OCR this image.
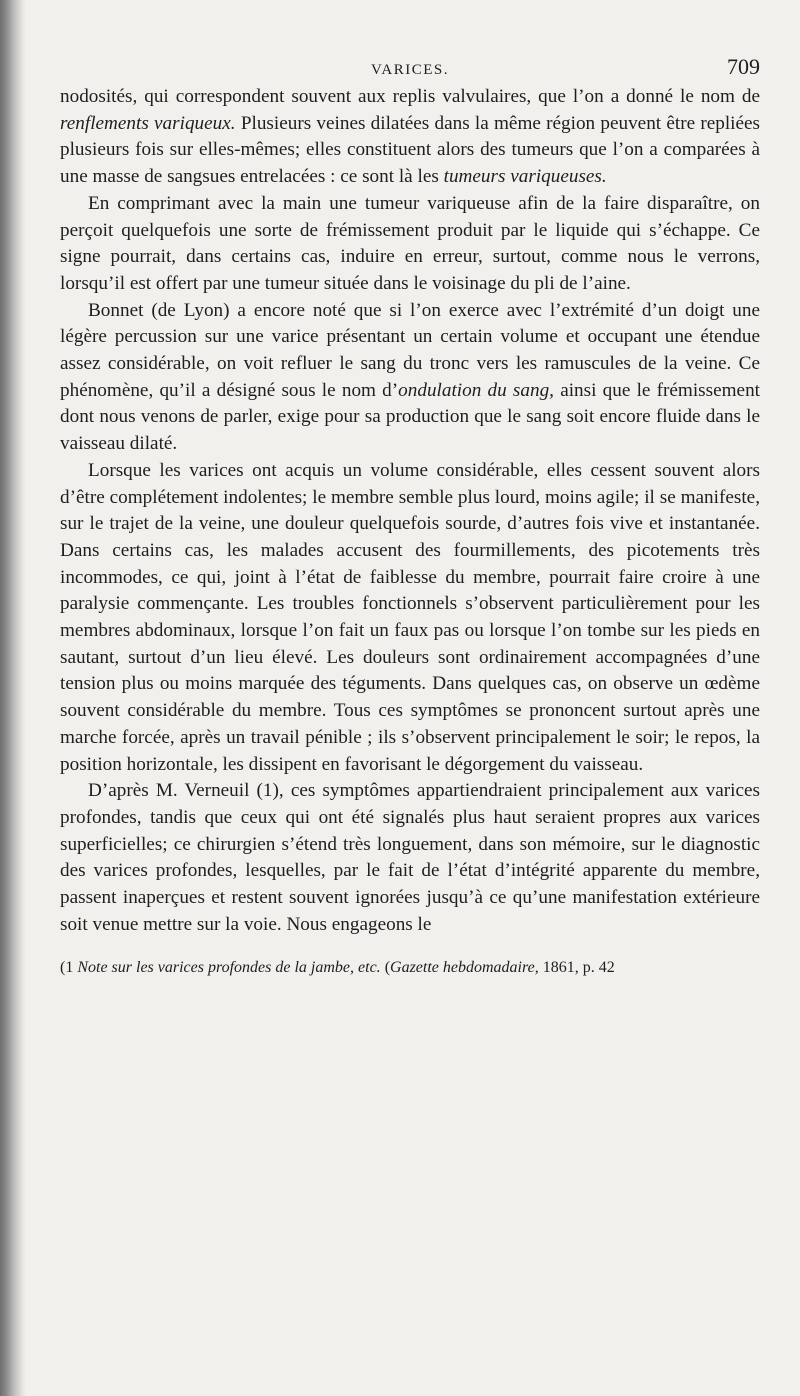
VARICES.	709

nodosités, qui correspondent souvent aux replis valvulaires, que l’on a donné le nom de renflements variqueux. Plusieurs veines dilatées dans la même région peuvent être repliées plusieurs fois sur elles-mêmes; elles constituent alors des tumeurs que l’on a comparées à une masse de sangsues entrelacées : ce sont là les tumeurs variqueuses.

En comprimant avec la main une tumeur variqueuse afin de la faire disparaître, on perçoit quelquefois une sorte de frémissement produit par le liquide qui s’échappe. Ce signe pourrait, dans certains cas, induire en erreur, surtout, comme nous le verrons, lorsqu’il est offert par une tumeur située dans le voisinage du pli de l’aine.

Bonnet (de Lyon) a encore noté que si l’on exerce avec l’extrémité d’un doigt une légère percussion sur une varice présentant un certain volume et occupant une étendue assez considérable, on voit refluer le sang du tronc vers les ramuscules de la veine. Ce phénomène, qu’il a désigné sous le nom d’ondulation du sang, ainsi que le frémissement dont nous venons de parler, exige pour sa production que le sang soit encore fluide dans le vaisseau dilaté.

Lorsque les varices ont acquis un volume considérable, elles cessent souvent alors d’être complétement indolentes; le membre semble plus lourd, moins agile; il se manifeste, sur le trajet de la veine, une douleur quelquefois sourde, d’autres fois vive et instantanée. Dans certains cas, les malades accusent des fourmillements, des picotements très incommodes, ce qui, joint à l’état de faiblesse du membre, pourrait faire croire à une paralysie commençante. Les troubles fonctionnels s’observent particulièrement pour les membres abdominaux, lorsque l’on fait un faux pas ou lorsque l’on tombe sur les pieds en sautant, surtout d’un lieu élevé. Les douleurs sont ordinairement accompagnées d’une tension plus ou moins marquée des téguments. Dans quelques cas, on observe un œdème souvent considérable du membre. Tous ces symptômes se prononcent surtout après une marche forcée, après un travail pénible ; ils s’observent principalement le soir; le repos, la position horizontale, les dissipent en favorisant le dégorgement du vaisseau.

D’après M. Verneuil (1), ces symptômes appartiendraient principalement aux varices profondes, tandis que ceux qui ont été signalés plus haut seraient propres aux varices superficielles; ce chirurgien s’étend très longuement, dans son mémoire, sur le diagnostic des varices profondes, lesquelles, par le fait de l’état d’intégrité apparente du membre, passent inaperçues et restent souvent ignorées jusqu’à ce qu’une manifestation extérieure soit venue mettre sur la voie. Nous engageons le

(1 Note sur les varices profondes de la jambe, etc. (Gazette hebdomadaire, 1861, p. 42
